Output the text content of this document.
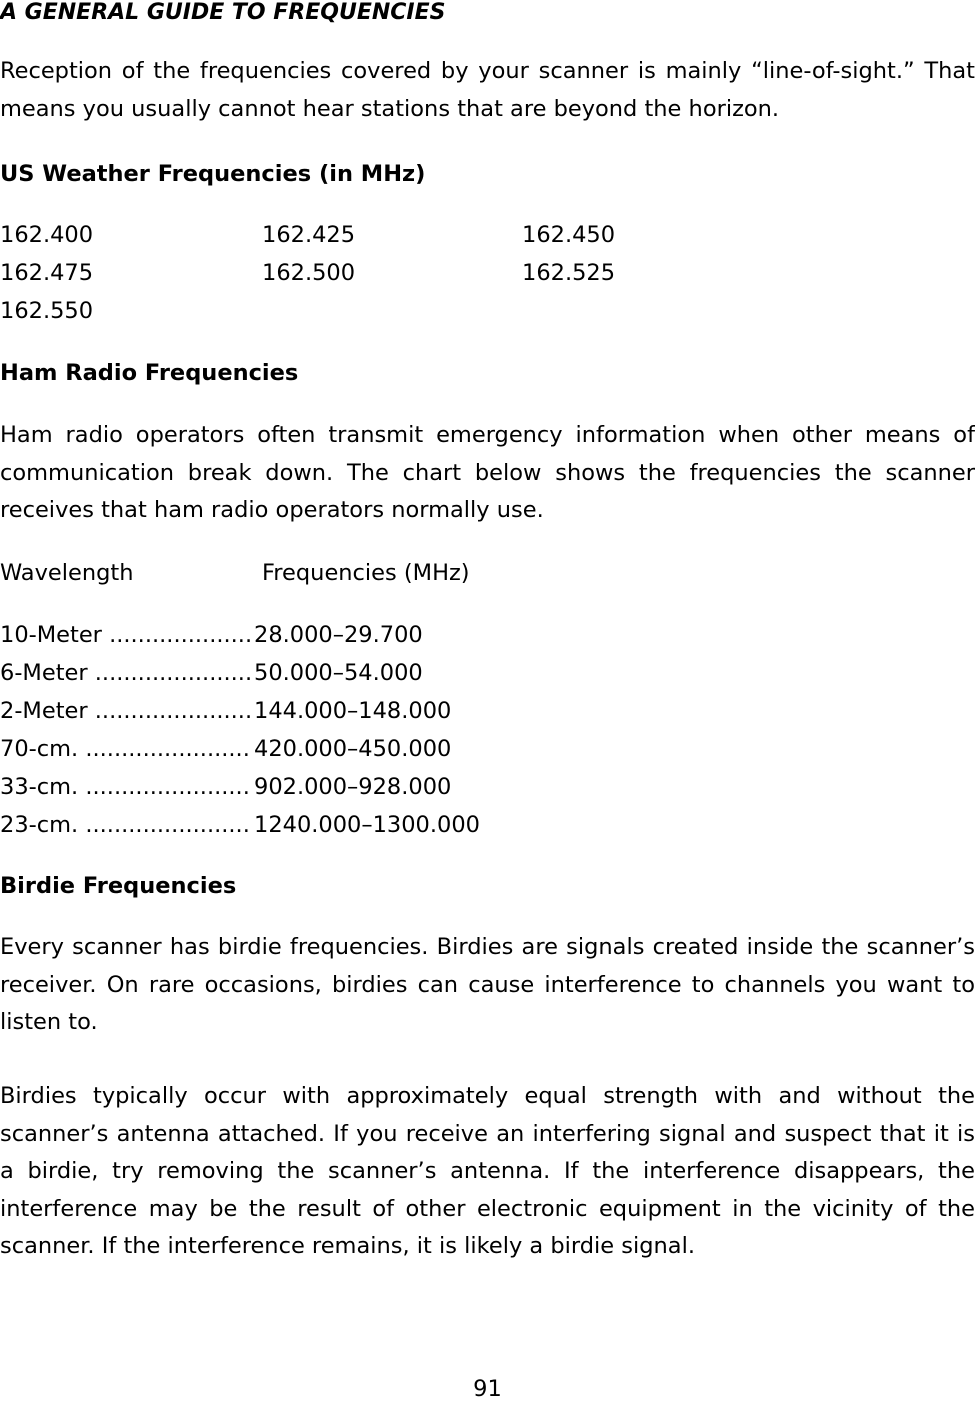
A GENERAL GUIDE TO FREQUENCIES

Reception of the frequencies covered by your scanner is mainly “line-of-sight.” That means you usually cannot hear stations that are beyond the horizon.

US Weather Frequencies (in MHz)
162.400	162.425	162.450
162.475	162.500	162.525
162.550
Ham Radio Frequencies

Ham radio operators often transmit emergency information when other means of communication break down. The chart below shows the frequencies the scanner receives that ham radio operators normally use.

Wavelength	Frequencies (MHz)
10-Meter .....	28.000–29.700
6-Meter .....	50.000–54.000
2-Meter .....	144.000–148.000
70-cm. .....	420.000–450.000
33-cm. .....	902.000–928.000
23-cm. .....	1240.000–1300.000
Birdie Frequencies

Every scanner has birdie frequencies. Birdies are signals created inside the scanner’s receiver. On rare occasions, birdies can cause interference to channels you want to listen to.

Birdies typically occur with approximately equal strength with and without the scanner’s antenna attached. If you receive an interfering signal and suspect that it is a birdie, try removing the scanner’s antenna. If the interference disappears, the interference may be the result of other electronic equipment in the vicinity of the scanner. If the interference remains, it is likely a birdie signal.

91
